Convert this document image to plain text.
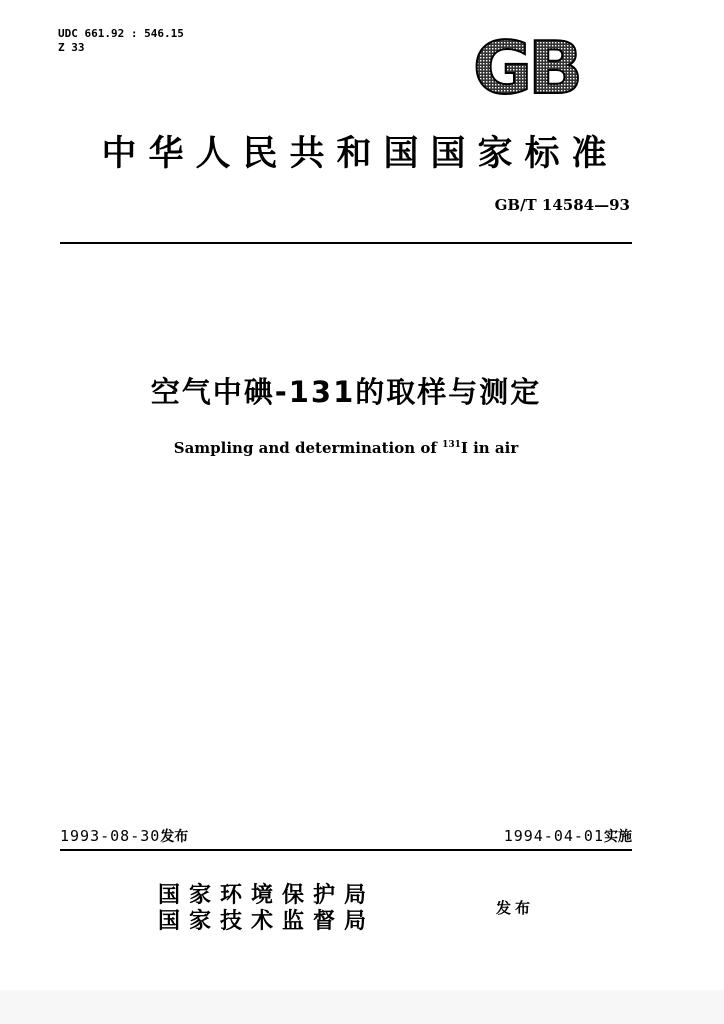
UDC 661.92 : 546.15
Z 33	GB
中华人民共和国国家标准
GB/T 14584—93
空气中碘-131的取样与测定
Sampling and determination of $^{131}$I in air
1993-08-30发布	1994-04-01实施
国家环境保护局
国家技术监督局	发布
